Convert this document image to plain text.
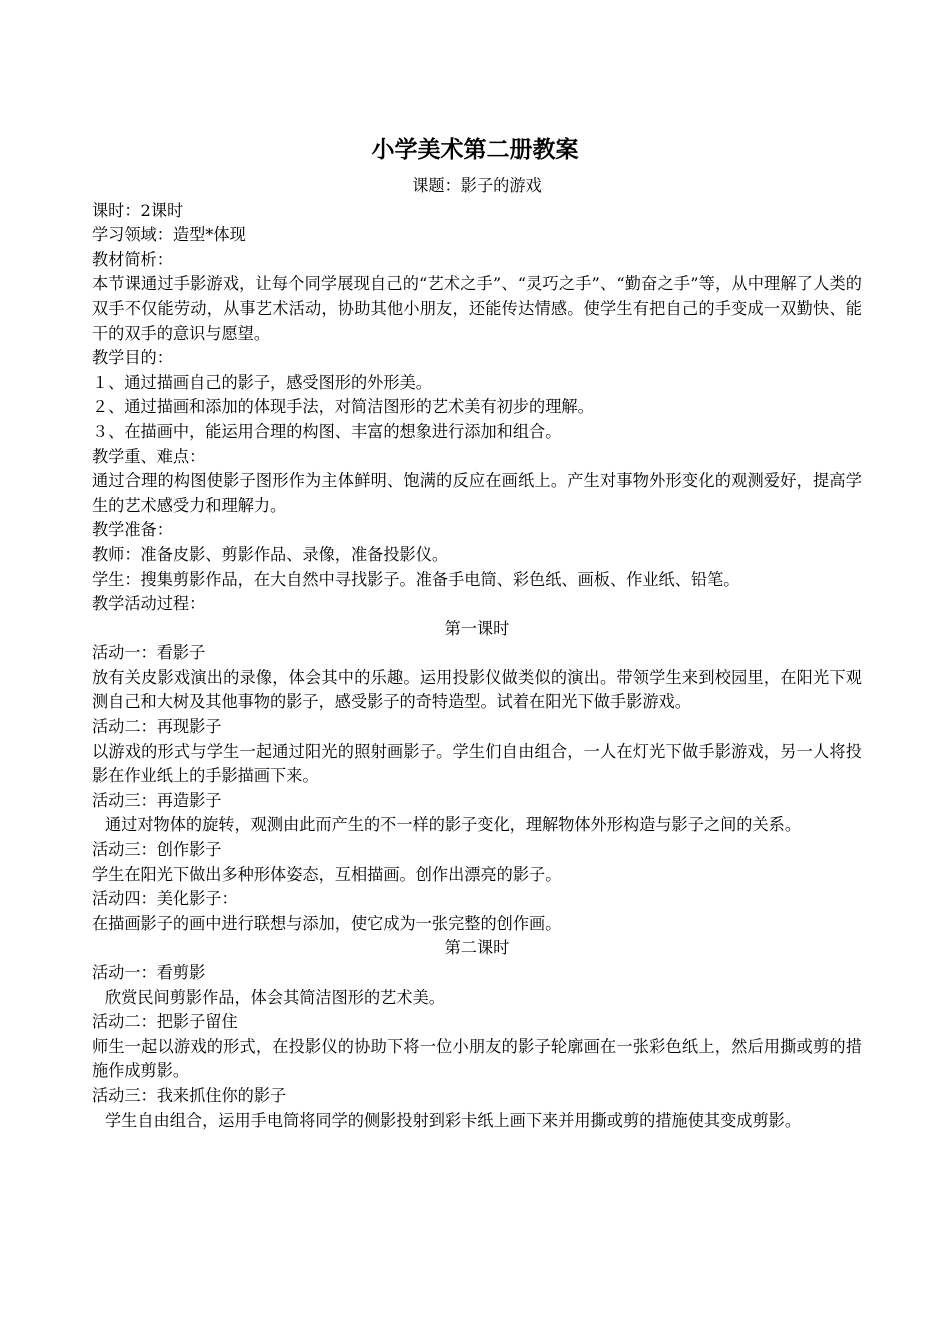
小学美术第二册教案

课题：影子的游戏

课时：2课时

学习领域：造型*体现

教材简析：

本节课通过手影游戏，让每个同学展现自己的“艺术之手”、“灵巧之手”、“勤奋之手”等，从中理解了人类的双手不仅能劳动，从事艺术活动，协助其他小朋友，还能传达情感。使学生有把自己的手变成一双勤快、能干的双手的意识与愿望。

教学目的：

１、通过描画自己的影子，感受图形的外形美。

２、通过描画和添加的体现手法，对简洁图形的艺术美有初步的理解。

３、在描画中，能运用合理的构图、丰富的想象进行添加和组合。

教学重、难点：

通过合理的构图使影子图形作为主体鲜明、饱满的反应在画纸上。产生对事物外形变化的观测爱好，提高学生的艺术感受力和理解力。

教学准备：

教师：准备皮影、剪影作品、录像，准备投影仪。

学生：搜集剪影作品，在大自然中寻找影子。准备手电筒、彩色纸、画板、作业纸、铅笔。

教学活动过程：

第一课时

活动一：看影子

放有关皮影戏演出的录像，体会其中的乐趣。运用投影仪做类似的演出。带领学生来到校园里，在阳光下观测自己和大树及其他事物的影子，感受影子的奇特造型。试着在阳光下做手影游戏。

活动二：再现影子

以游戏的形式与学生一起通过阳光的照射画影子。学生们自由组合，一人在灯光下做手影游戏，另一人将投影在作业纸上的手影描画下来。

活动三：再造影子

通过对物体的旋转，观测由此而产生的不一样的影子变化，理解物体外形构造与影子之间的关系。

活动三：创作影子

学生在阳光下做出多种形体姿态，互相描画。创作出漂亮的影子。

活动四：美化影子：

在描画影子的画中进行联想与添加，使它成为一张完整的创作画。

第二课时

活动一：看剪影

欣赏民间剪影作品，体会其简洁图形的艺术美。

活动二：把影子留住

师生一起以游戏的形式，在投影仪的协助下将一位小朋友的影子轮廓画在一张彩色纸上，然后用撕或剪的措施作成剪影。

活动三：我来抓住你的影子

学生自由组合，运用手电筒将同学的侧影投射到彩卡纸上画下来并用撕或剪的措施使其变成剪影。
